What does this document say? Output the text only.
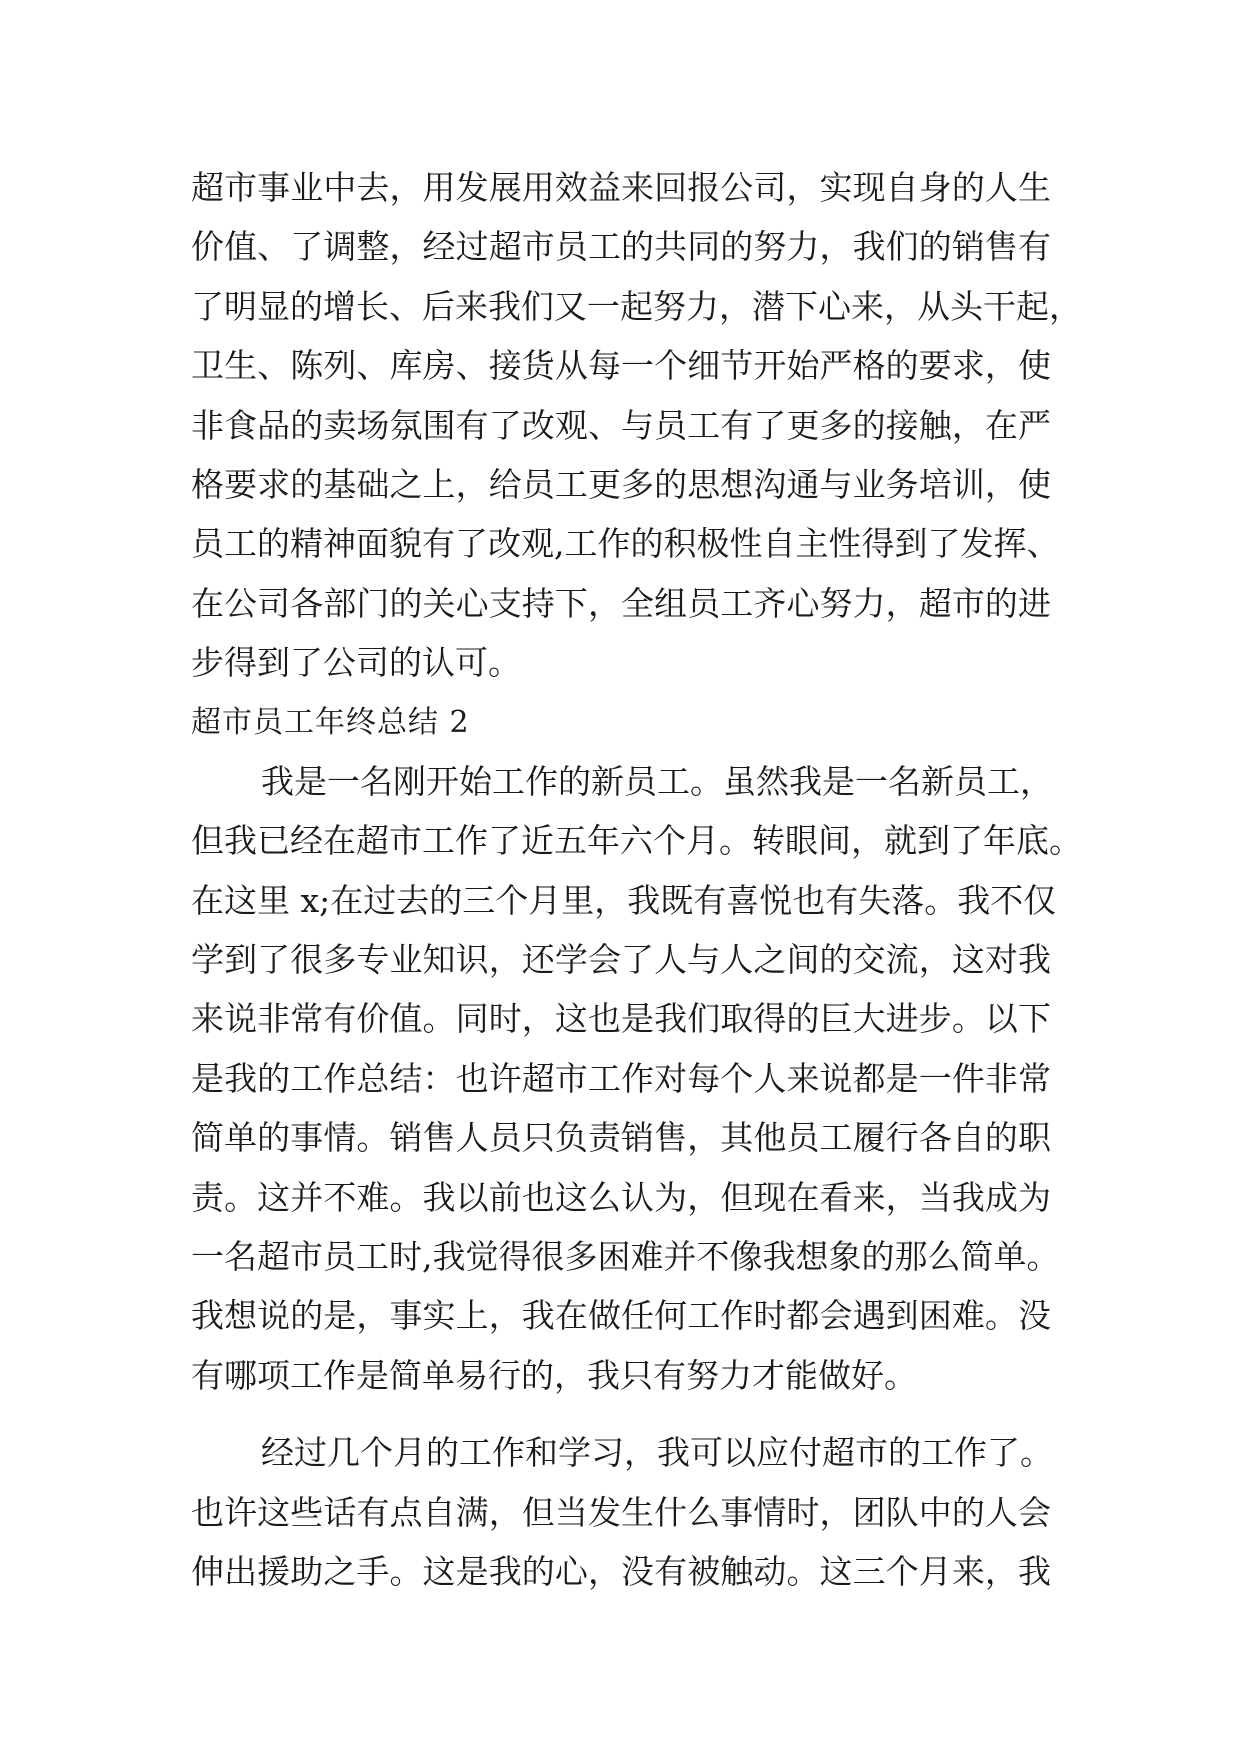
超市事业中去，用发展用效益来回报公司，实现自身的人生
价值、了调整，经过超市员工的共同的努力，我们的销售有
了明显的增长、后来我们又一起努力，潜下心来，从头干起，
卫生、陈列、库房、接货从每一个细节开始严格的要求，使
非食品的卖场氛围有了改观、与员工有了更多的接触，在严
格要求的基础之上，给员工更多的思想沟通与业务培训，使
员工的精神面貌有了改观,工作的积极性自主性得到了发挥、
在公司各部门的关心支持下，全组员工齐心努力，超市的进
步得到了公司的认可。
超市员工年终总结 2
我是一名刚开始工作的新员工。虽然我是一名新员工，
但我已经在超市工作了近五年六个月。转眼间，就到了年底。
在这里 x;在过去的三个月里，我既有喜悦也有失落。我不仅
学到了很多专业知识，还学会了人与人之间的交流，这对我
来说非常有价值。同时，这也是我们取得的巨大进步。以下
是我的工作总结：也许超市工作对每个人来说都是一件非常
简单的事情。销售人员只负责销售，其他员工履行各自的职
责。这并不难。我以前也这么认为，但现在看来，当我成为
一名超市员工时,我觉得很多困难并不像我想象的那么简单。
我想说的是，事实上，我在做任何工作时都会遇到困难。没
有哪项工作是简单易行的，我只有努力才能做好。
经过几个月的工作和学习，我可以应付超市的工作了。
也许这些话有点自满，但当发生什么事情时，团队中的人会
伸出援助之手。这是我的心，没有被触动。这三个月来，我
